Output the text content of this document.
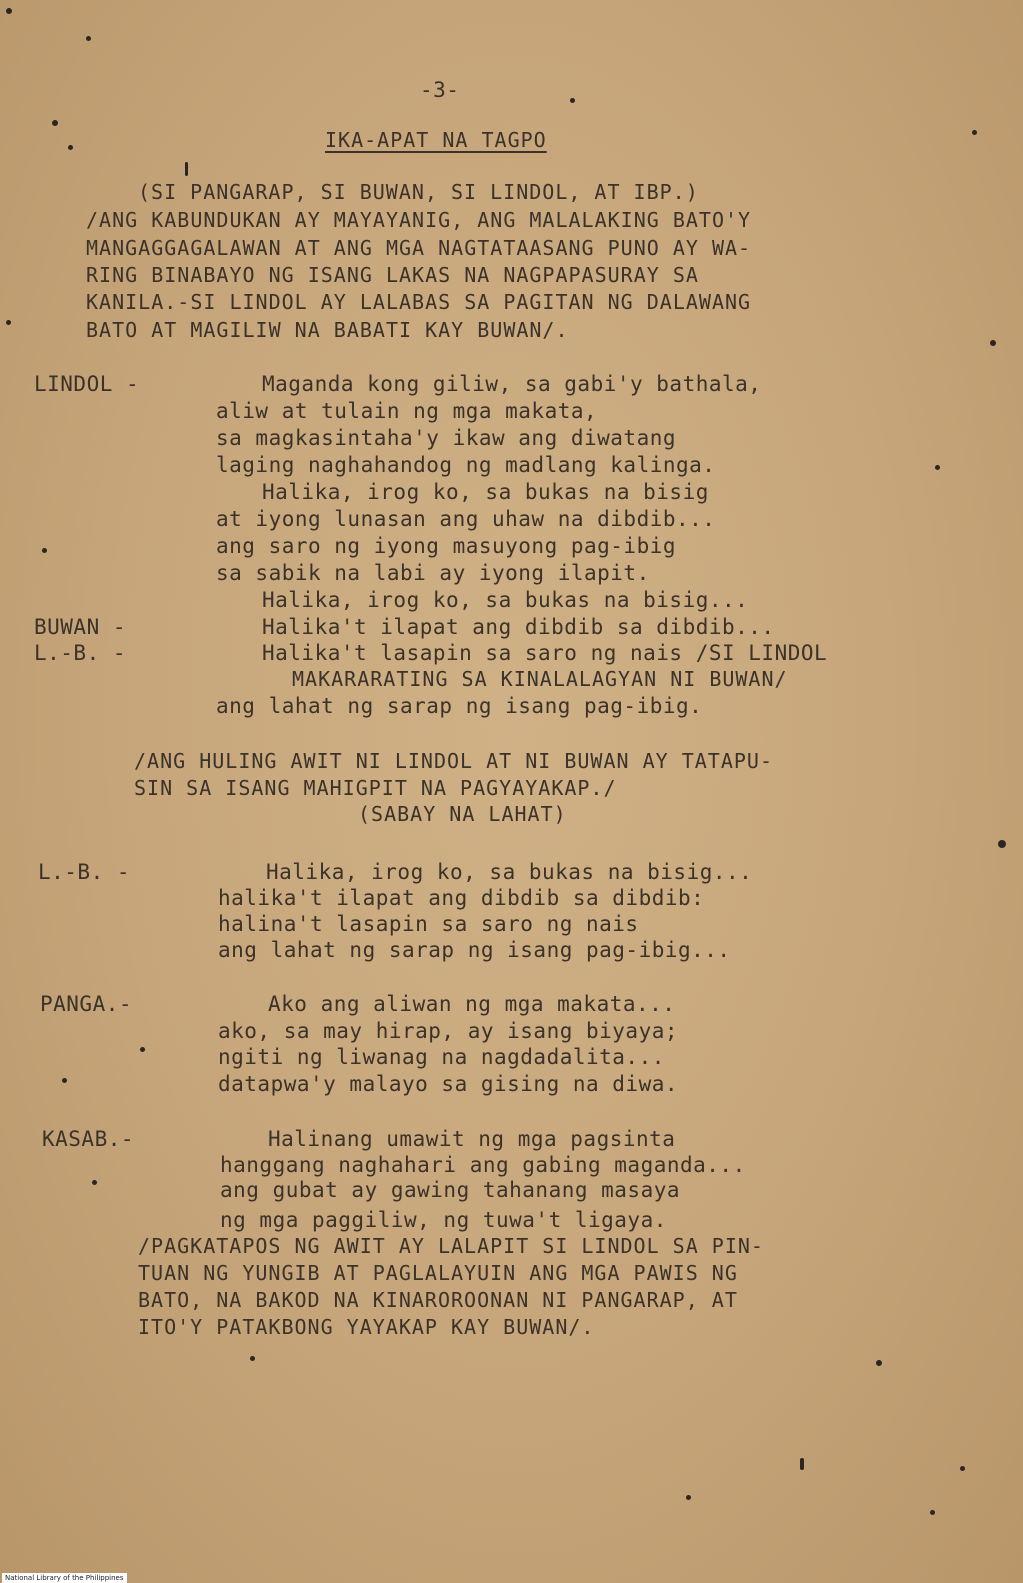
-3-
IKA-APAT NA TAGPO
(SI PANGARAP, SI BUWAN, SI LINDOL, AT IBP.)
/ANG KABUNDUKAN AY MAYAYANIG, ANG MALALAKING BATO'Y
MANGAGGAGALAWAN AT ANG MGA NAGTATAASANG PUNO AY WA-
RING BINABAYO NG ISANG LAKAS NA NAGPAPASURAY SA
KANILA.-SI LINDOL AY LALABAS SA PAGITAN NG DALAWANG
BATO AT MAGILIW NA BABATI KAY BUWAN/.
LINDOL -	Maganda kong giliw, sa gabi'y bathala,
aliw at tulain ng mga makata,
sa magkasintaha'y ikaw ang diwatang
laging naghahandog ng madlang kalinga.
Halika, irog ko, sa bukas na bisig
at iyong lunasan ang uhaw na dibdib...
ang saro ng iyong masuyong pag-ibig
sa sabik na labi ay iyong ilapit.
Halika, irog ko, sa bukas na bisig...
BUWAN -	Halika't ilapat ang dibdib sa dibdib...
L.-B. -	Halika't lasapin sa saro ng nais /SI LINDOL
MAKARARATING SA KINALALAGYAN NI BUWAN/
ang lahat ng sarap ng isang pag-ibig.
/ANG HULING AWIT NI LINDOL AT NI BUWAN AY TATAPU-
SIN SA ISANG MAHIGPIT NA PAGYAYAKAP./
(SABAY NA LAHAT)
L.-B. -	Halika, irog ko, sa bukas na bisig...
halika't ilapat ang dibdib sa dibdib:
halina't lasapin sa saro ng nais
ang lahat ng sarap ng isang pag-ibig...
PANGA.-	Ako ang aliwan ng mga makata...
ako, sa may hirap, ay isang biyaya;
ngiti ng liwanag na nagdadalita...
datapwa'y malayo sa gising na diwa.
KASAB.-	Halinang umawit ng mga pagsinta
hanggang naghahari ang gabing maganda...
ang gubat ay gawing tahanang masaya
ng mga paggiliw, ng tuwa't ligaya.
/PAGKATAPOS NG AWIT AY LALAPIT SI LINDOL SA PIN-
TUAN NG YUNGIB AT PAGLALAYUIN ANG MGA PAWIS NG
BATO, NA BAKOD NA KINAROROONAN NI PANGARAP, AT
ITO'Y PATAKBONG YAYAKAP KAY BUWAN/.
National Library of the Philippines
